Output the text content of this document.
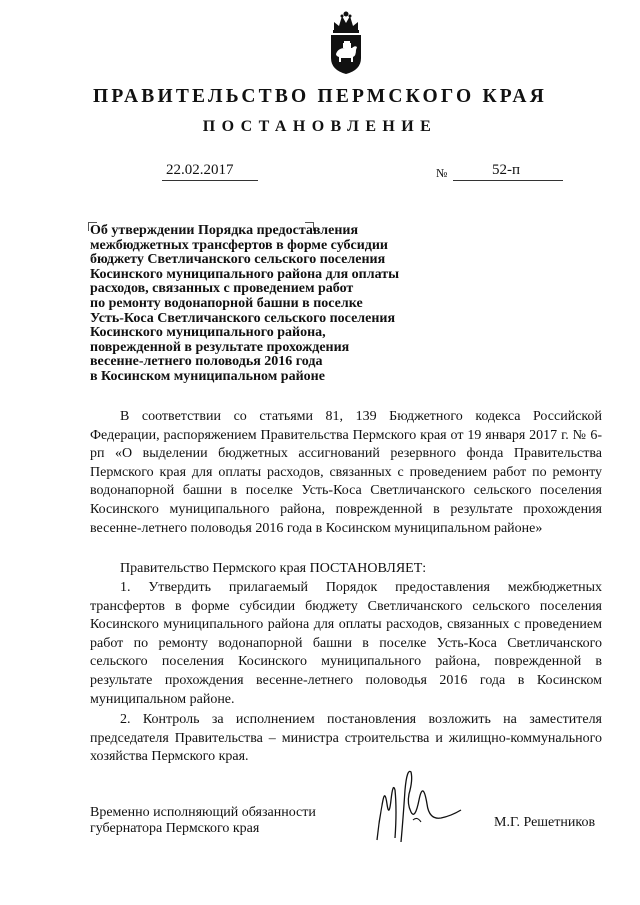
ПРАВИТЕЛЬСТВО ПЕРМСКОГО КРАЯ
ПОСТАНОВЛЕНИЕ
22.02.2017	№	52-п
Об утверждении Порядка предоставления
межбюджетных трансфертов в форме субсидии
бюджету Светличанского сельского поселения
Косинского муниципального района для оплаты
расходов, связанных с проведением работ
по ремонту водонапорной башни в поселке
Усть-Коса Светличанского сельского поселения
Косинского муниципального района,
поврежденной в результате прохождения
весенне-летнего половодья 2016 года
в Косинском муниципальном районе
В соответствии со статьями 81, 139 Бюджетного кодекса Российской Федерации, распоряжением Правительства Пермского края от 19 января 2017 г. № 6-рп «О выделении бюджетных ассигнований резервного фонда Правительства Пермского края для оплаты расходов, связанных с проведением работ по ремонту водонапорной башни в поселке Усть-Коса Светличанского сельского поселения Косинского муниципального района, поврежденной в результате прохождения весенне-летнего половодья 2016 года в Косинском муниципальном районе»
Правительство Пермского края ПОСТАНОВЛЯЕТ:
1. Утвердить прилагаемый Порядок предоставления межбюджетных трансфертов в форме субсидии бюджету Светличанского сельского поселения Косинского муниципального района для оплаты расходов, связанных с проведением работ по ремонту водонапорной башни в поселке Усть-Коса Светличанского сельского поселения Косинского муниципального района, поврежденной в результате прохождения весенне-летнего половодья 2016 года в Косинском муниципальном районе.
2. Контроль за исполнением постановления возложить на заместителя председателя Правительства – министра строительства и жилищно-коммунального хозяйства Пермского края.
Временно исполняющий обязанности
губернатора Пермского края	М.Г. Решетников
